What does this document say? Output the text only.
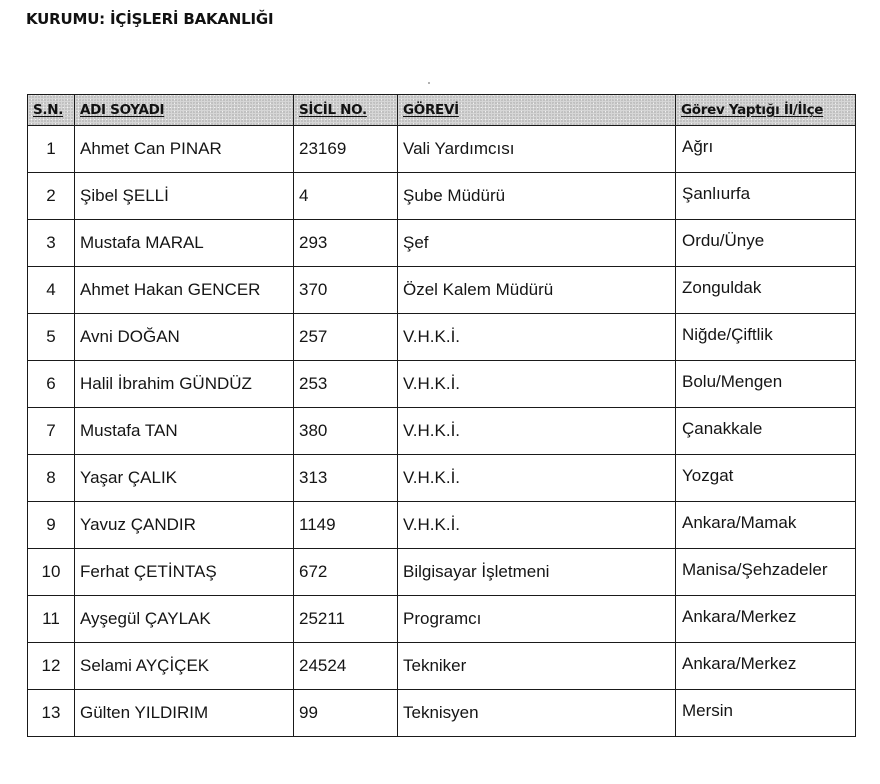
KURUMU: İÇİŞLERİ BAKANLIĞI
S.N.	ADI SOYADI	SİCİL NO.	GÖREVİ	Görev Yaptığı İl/İlçe
1	Ahmet Can PINAR	23169	Vali Yardımcısı	Ağrı
2	Şibel ŞELLİ	4	Şube Müdürü	Şanlıurfa
3	Mustafa MARAL	293	Şef	Ordu/Ünye
4	Ahmet Hakan GENCER	370	Özel Kalem Müdürü	Zonguldak
5	Avni DOĞAN	257	V.H.K.İ.	Niğde/Çiftlik
6	Halil İbrahim GÜNDÜZ	253	V.H.K.İ.	Bolu/Mengen
7	Mustafa TAN	380	V.H.K.İ.	Çanakkale
8	Yaşar ÇALIK	313	V.H.K.İ.	Yozgat
9	Yavuz ÇANDIR	1149	V.H.K.İ.	Ankara/Mamak
10	Ferhat ÇETİNTAŞ	672	Bilgisayar İşletmeni	Manisa/Şehzadeler
11	Ayşegül ÇAYLAK	25211	Programcı	Ankara/Merkez
12	Selami AYÇİÇEK	24524	Tekniker	Ankara/Merkez
13	Gülten YILDIRIM	99	Teknisyen	Mersin
